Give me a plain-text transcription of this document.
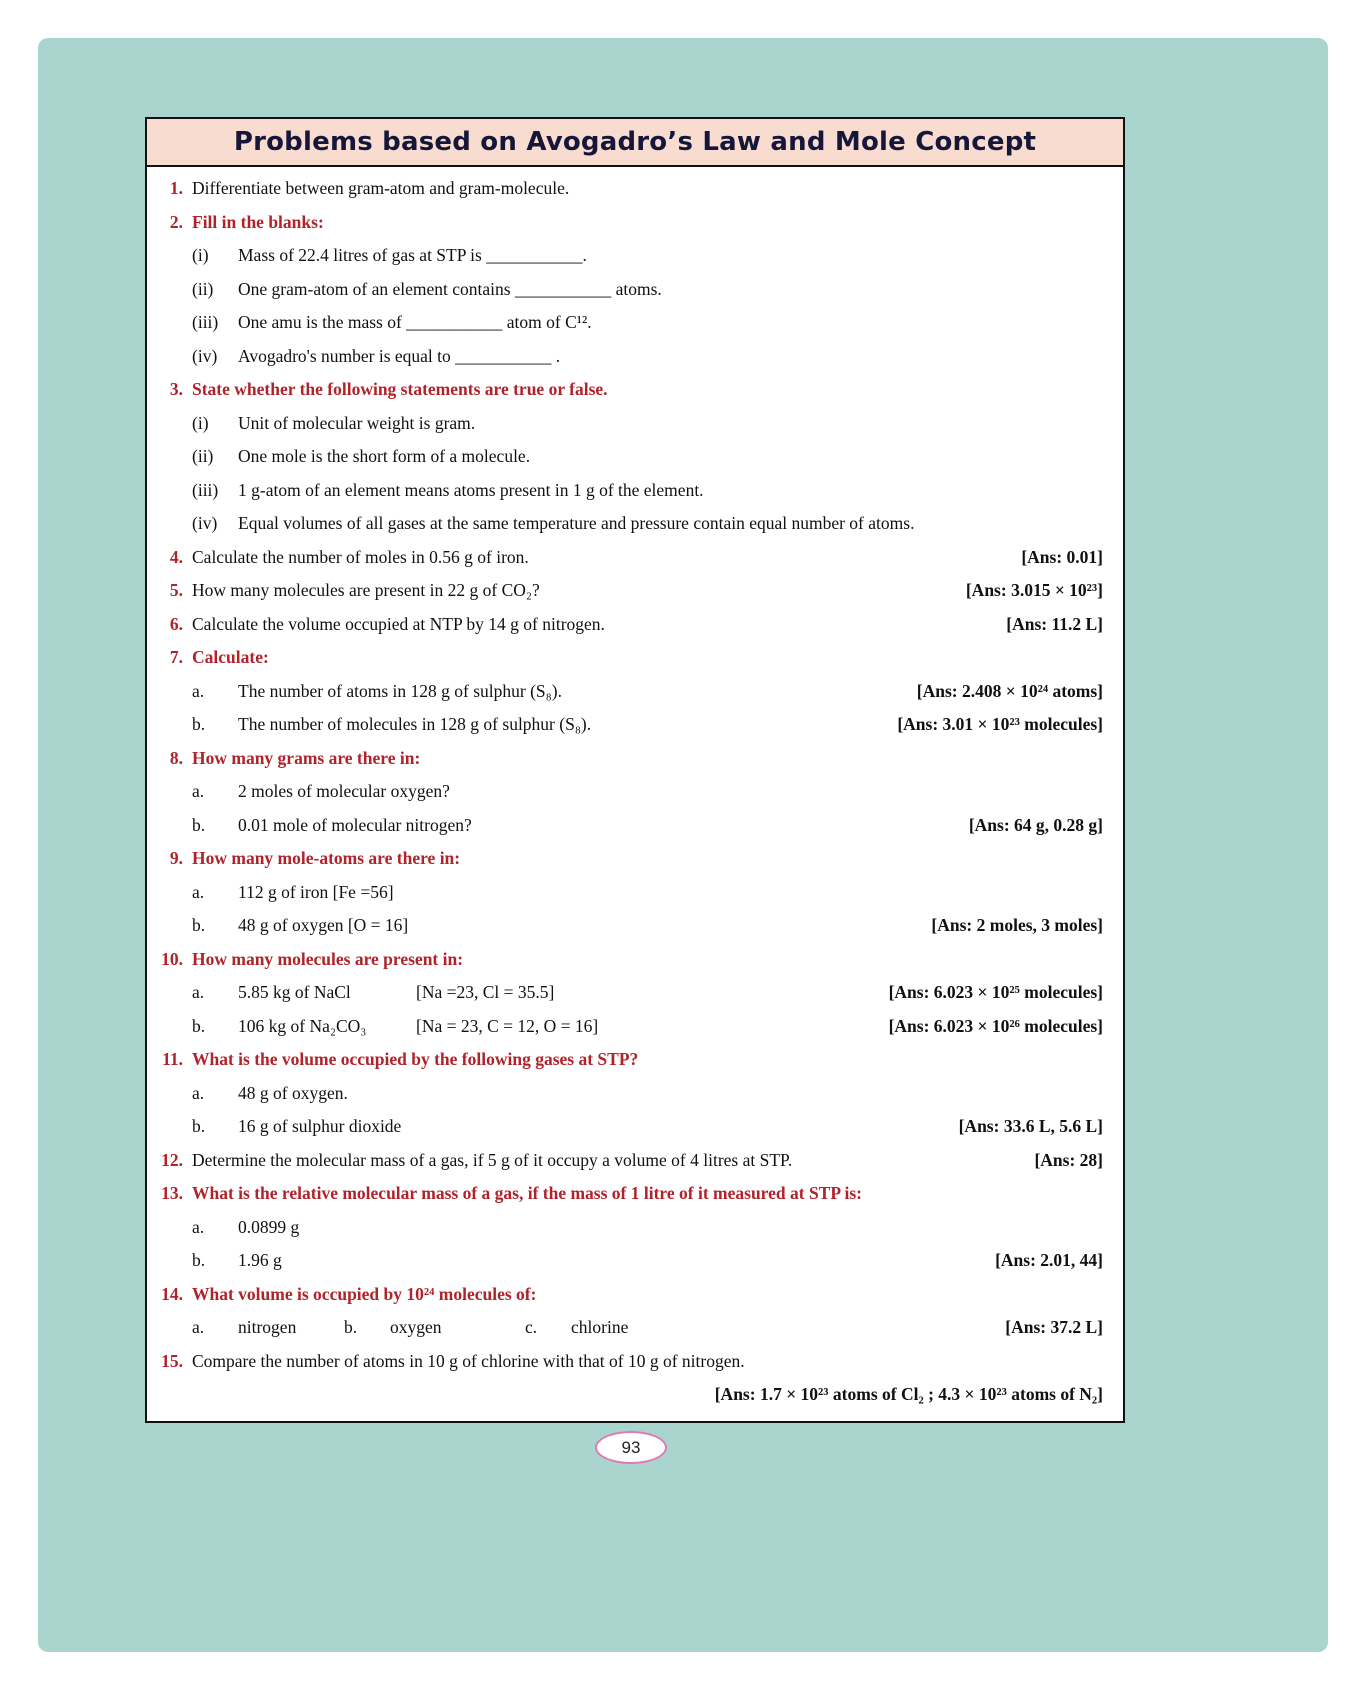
Problems based on Avogadro’s Law and Mole Concept
1. Differentiate between gram-atom and gram-molecule.
2. Fill in the blanks:
(i)	Mass of 22.4 litres of gas at STP is ___________.
(ii)	One gram-atom of an element contains ___________ atoms.
(iii)	One amu is the mass of ___________ atom of C¹².
(iv)	Avogadro's number is equal to ___________ .
3. State whether the following statements are true or false.
(i)	Unit of molecular weight is gram.
(ii)	One mole is the short form of a molecule.
(iii)	1 g-atom of an element means atoms present in 1 g of the element.
(iv)	Equal volumes of all gases at the same temperature and pressure contain equal number of atoms.
4. Calculate the number of moles in 0.56 g of iron.	[Ans: 0.01]
5. How many molecules are present in 22 g of CO₂?	[Ans: 3.015 × 10²³]
6. Calculate the volume occupied at NTP by 14 g of nitrogen.	[Ans: 11.2 L]
7. Calculate:
a.	The number of atoms in 128 g of sulphur (S₈).	[Ans: 2.408 × 10²⁴ atoms]
b.	The number of molecules in 128 g of sulphur (S₈).	[Ans: 3.01 × 10²³ molecules]
8. How many grams are there in:
a.	2 moles of molecular oxygen?
b.	0.01 mole of molecular nitrogen?	[Ans: 64 g, 0.28 g]
9. How many mole-atoms are there in:
a.	112 g of iron [Fe =56]
b.	48 g of oxygen [O = 16]	[Ans: 2 moles, 3 moles]
10. How many molecules are present in:
a.	5.85 kg of NaCl	[Na =23, Cl = 35.5]	[Ans: 6.023 × 10²⁵ molecules]
b.	106 kg of Na₂CO₃	[Na = 23, C = 12, O = 16]	[Ans: 6.023 × 10²⁶ molecules]
11. What is the volume occupied by the following gases at STP?
a.	48 g of oxygen.
b.	16 g of sulphur dioxide	[Ans: 33.6 L, 5.6 L]
12. Determine the molecular mass of a gas, if 5 g of it occupy a volume of 4 litres at STP.	[Ans: 28]
13. What is the relative molecular mass of a gas, if the mass of 1 litre of it measured at STP is:
a.	0.0899 g
b.	1.96 g	[Ans: 2.01, 44]
14. What volume is occupied by 10²⁴ molecules of:
a.	nitrogen	b.	oxygen	c.	chlorine	[Ans: 37.2 L]
15. Compare the number of atoms in 10 g of chlorine with that of 10 g of nitrogen.
[Ans: 1.7 × 10²³ atoms of Cl₂ ; 4.3 × 10²³ atoms of N₂]
93
